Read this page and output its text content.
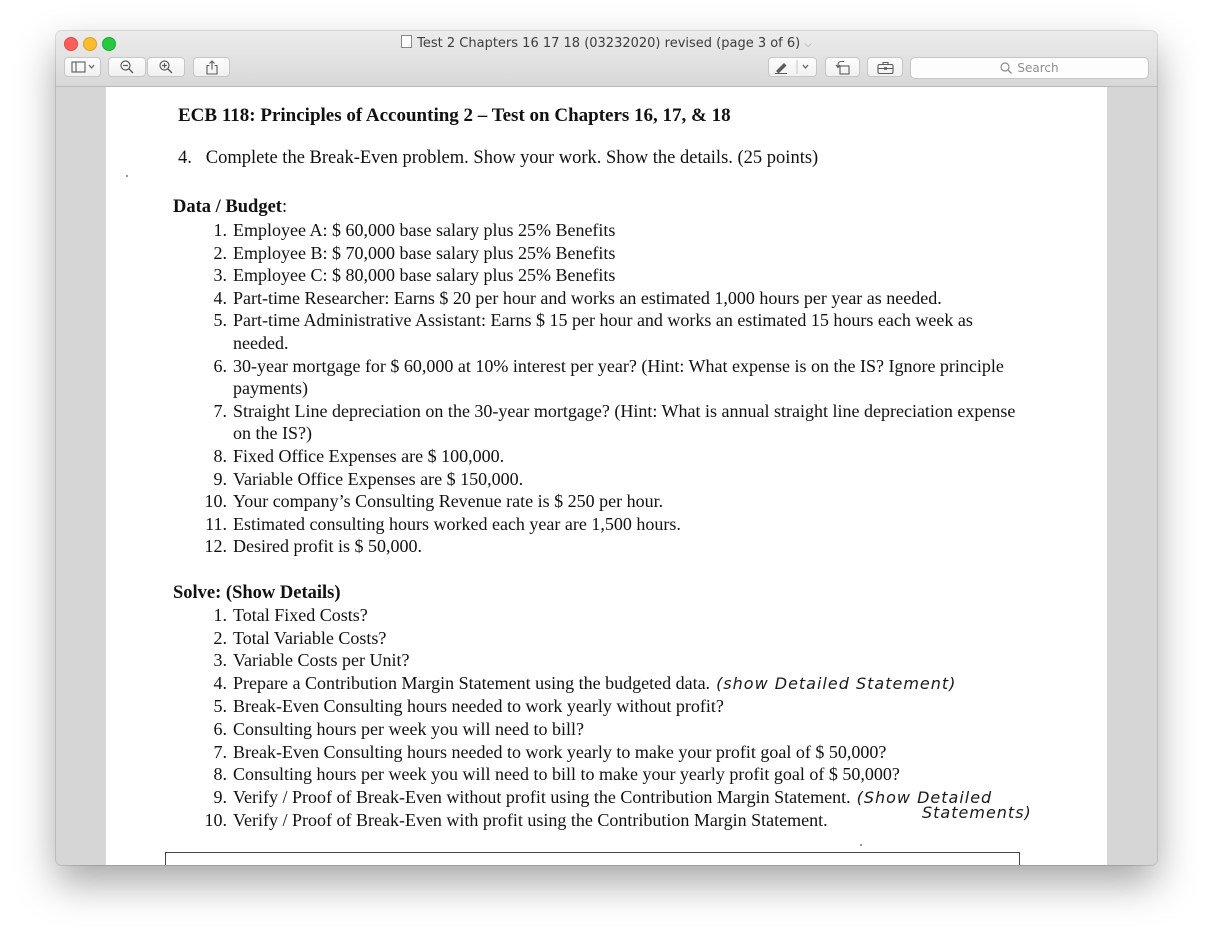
Test 2 Chapters 16 17 18 (03232020) revised (page 3 of 6) ⌵
Search
ECB 118: Principles of Accounting 2 – Test on Chapters 16, 17, & 18
4.   Complete the Break-Even problem. Show your work. Show the details. (25 points)
Data / Budget:
1. Employee A: $ 60,000 base salary plus 25% Benefits
2. Employee B: $ 70,000 base salary plus 25% Benefits
3. Employee C: $ 80,000 base salary plus 25% Benefits
4. Part-time Researcher: Earns $ 20 per hour and works an estimated 1,000 hours per year as needed.
5. Part-time Administrative Assistant: Earns $ 15 per hour and works an estimated 15 hours each week as needed.
6. 30-year mortgage for $ 60,000 at 10% interest per year? (Hint: What expense is on the IS? Ignore principle payments)
7. Straight Line depreciation on the 30-year mortgage? (Hint: What is annual straight line depreciation expense on the IS?)
8. Fixed Office Expenses are $ 100,000.
9. Variable Office Expenses are $ 150,000.
10. Your company’s Consulting Revenue rate is $ 250 per hour.
11. Estimated consulting hours worked each year are 1,500 hours.
12. Desired profit is $ 50,000.
Solve: (Show Details)
1. Total Fixed Costs?
2. Total Variable Costs?
3. Variable Costs per Unit?
4. Prepare a Contribution Margin Statement using the budgeted data. (show Detailed Statement)
5. Break-Even Consulting hours needed to work yearly without profit?
6. Consulting hours per week you will need to bill?
7. Break-Even Consulting hours needed to work yearly to make your profit goal of $ 50,000?
8. Consulting hours per week you will need to bill to make your yearly profit goal of $ 50,000?
9. Verify / Proof of Break-Even without profit using the Contribution Margin Statement. (Show Detailed
10. Verify / Proof of Break-Even with profit using the Contribution Margin Statement.	Statements)
